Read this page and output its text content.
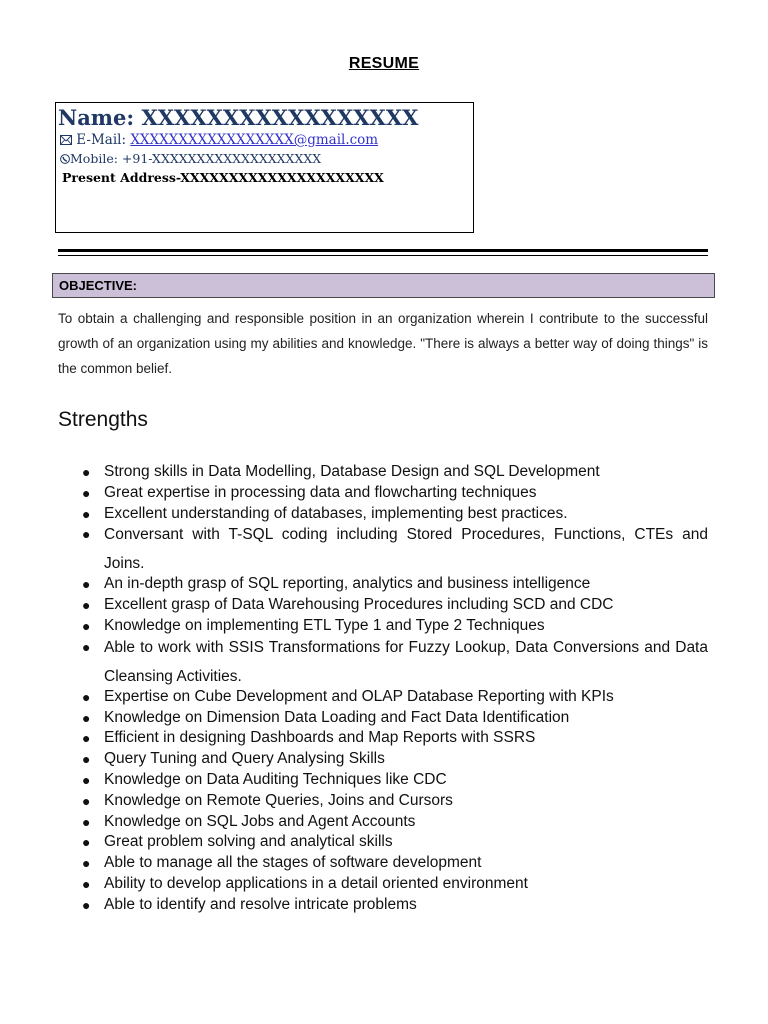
RESUME
Name: XXXXXXXXXXXXXXXXX
E-Mail: XXXXXXXXXXXXXXXXX@gmail.com
Mobile: +91-XXXXXXXXXXXXXXXXXXX
Present Address-XXXXXXXXXXXXXXXXXXXXX
OBJECTIVE:
To obtain a challenging and responsible position in an organization wherein I contribute to the successful growth of an organization using my abilities and knowledge. "There is always a better way of doing things" is the common belief.
Strengths
● Strong skills in Data Modelling, Database Design and SQL Development
● Great expertise in processing data and flowcharting techniques
● Excellent understanding of databases, implementing best practices.
● Conversant with T-SQL coding including Stored Procedures, Functions, CTEs and Joins.
● An in-depth grasp of SQL reporting, analytics and business intelligence
● Excellent grasp of Data Warehousing Procedures including SCD and CDC
● Knowledge on implementing ETL Type 1 and Type 2 Techniques
● Able to work with SSIS Transformations for Fuzzy Lookup, Data Conversions and Data Cleansing Activities.
● Expertise on Cube Development and OLAP Database Reporting with KPIs
● Knowledge on Dimension Data Loading and Fact Data Identification
● Efficient in designing Dashboards and Map Reports with SSRS
● Query Tuning and Query Analysing Skills
● Knowledge on Data Auditing Techniques like CDC
● Knowledge on Remote Queries, Joins and Cursors
● Knowledge on SQL Jobs and Agent Accounts
● Great problem solving and analytical skills
● Able to manage all the stages of software development
● Ability to develop applications in a detail oriented environment
● Able to identify and resolve intricate problems
